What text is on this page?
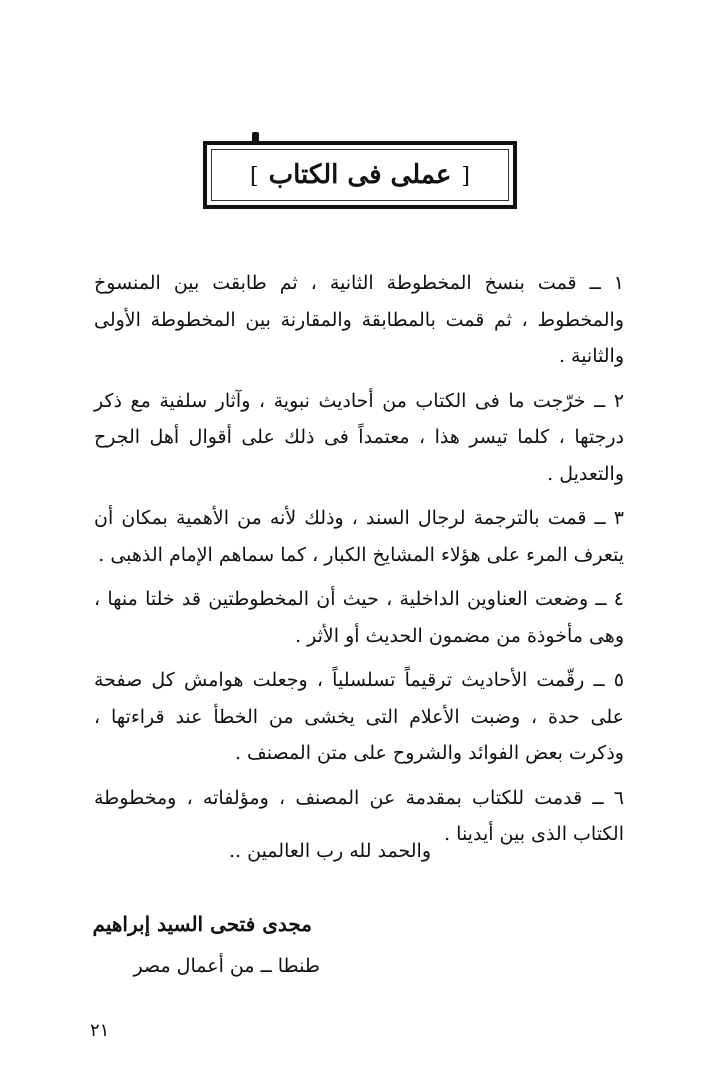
[عملى فى الكتاب]

١ ــ قمت بنسخ المخطوطة الثانية ، ثم طابقت بين المنسوخ والمخطوط ، ثم قمت بالمطابقة والمقارنة بين المخطوطة الأولى والثانية .

٢ ــ خرّجت ما فى الكتاب من أحاديث نبوية ، وآثار سلفية مع ذكر درجتها ، كلما تيسر هذا ، معتمداً فى ذلك على أقوال أهل الجرح والتعديل .

٣ ــ قمت بالترجمة لرجال السند ، وذلك لأنه من الأهمية بمكان أن يتعرف المرء على هؤلاء المشايخ الكبار ، كما سماهم الإمام الذهبى .

٤ ــ وضعت العناوين الداخلية ، حيث أن المخطوطتين قد خلتا منها ، وهى مأخوذة من مضمون الحديث أو الأثر .

٥ ــ رقّمت الأحاديث ترقيماً تسلسلياً ، وجعلت هوامش كل صفحة على حدة ، وضبت الأعلام التى يخشى من الخطأ عند قراءتها ، وذكرت بعض الفوائد والشروح على متن المصنف .

٦ ــ قدمت للكتاب بمقدمة عن المصنف ، ومؤلفاته ، ومخطوطة الكتاب الذى بين أيدينا .

والحمد لله رب العالمين ..
مجدى فتحى السيد إبراهيم
طنطا ــ من أعمال مصر
٢١
